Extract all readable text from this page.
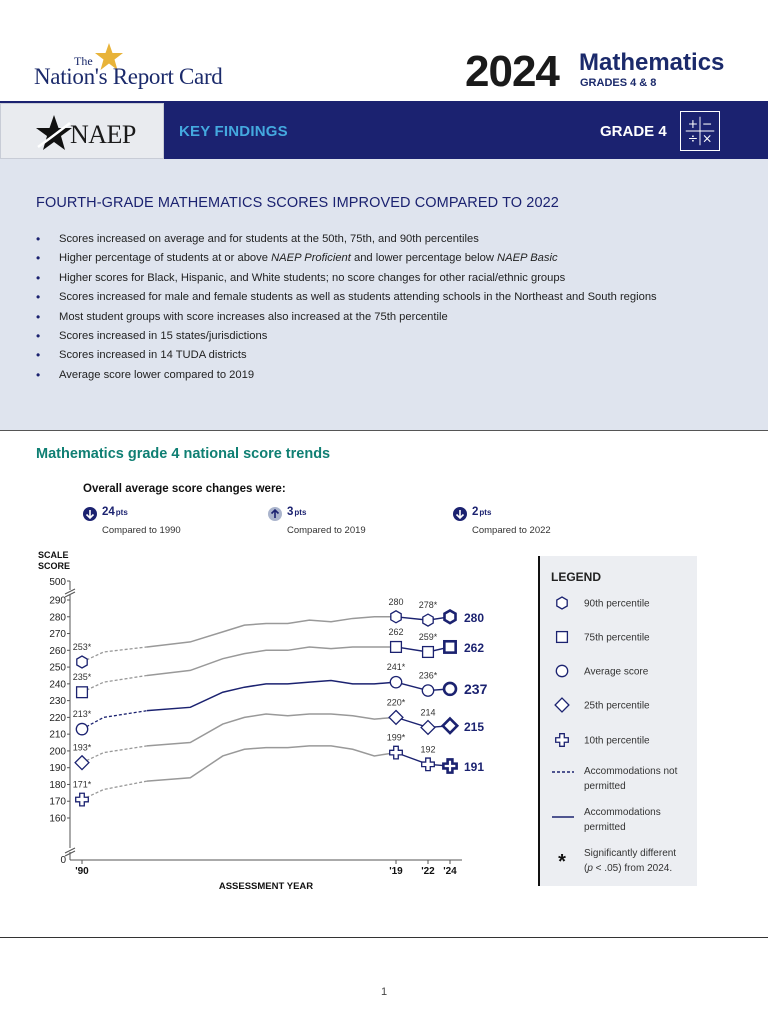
The
Nation's Report Card	2024 Mathematics
GRADES 4 & 8
NAEP	KEY FINDINGS	GRADE 4 + −
÷ ×
FOURTH-GRADE MATHEMATICS SCORES IMPROVED COMPARED TO 2022
• Scores increased on average and for students at the 50th, 75th, and 90th percentiles
• Higher percentage of students at or above NAEP Proficient and lower percentage below NAEP Basic
• Higher scores for Black, Hispanic, and White students; no score changes for other racial/ethnic groups
• Scores increased for male and female students as well as students attending schools in the Northeast and South regions
• Most student groups with score increases also increased at the 75th percentile
• Scores increased in 15 states/jurisdictions
• Scores increased in 14 TUDA districts
• Average score lower compared to 2019
Mathematics grade 4 national score trends
Overall average score changes were:
24pts
Compared to 1990
3pts
Compared to 2019
2pts
Compared to 2022
SCALE
SCORE
500
160
170
180
190
200
210
220
230
240
250
260
270
280
290
0
'90	'19 '22 '24
ASSESSMENT YEAR
253*
280 278*
280
235*
262
259*
262
213*
241*
236*
237
193*
220*
214
215
171*
199*
192
191
LEGEND
90th percentile
75th percentile
Average score
25th percentile
10th percentile
Accommodations not
permitted
Accommodations
permitted
* Significantly different
(p < .05) from 2024.
1
